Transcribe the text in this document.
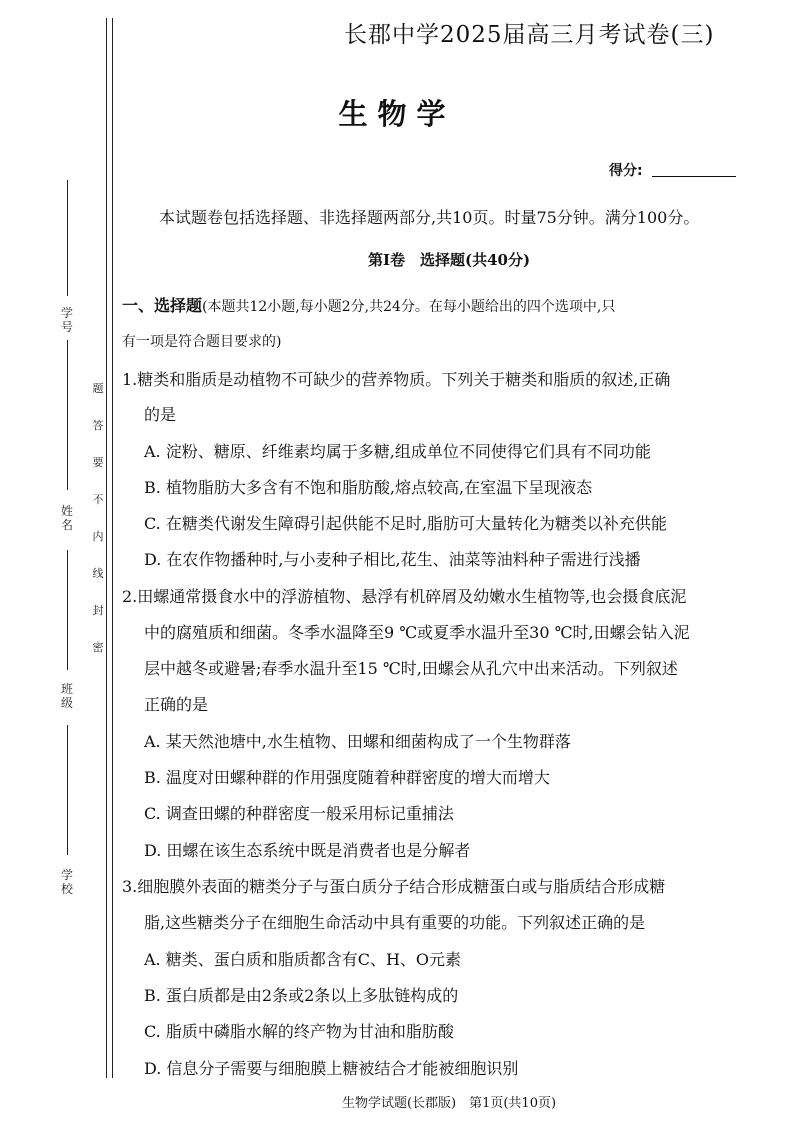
学号
姓名
班级
学校
题
答
要
不
内
线
封
密
长郡中学2025届高三月考试卷(三)
生物学
得分:
本试题卷包括选择题、非选择题两部分,共10页。时量75分钟。满分100分。
第Ⅰ卷　选择题(共40分)
一、选择题(本题共12小题,每小题2分,共24分。在每小题给出的四个选项中,只
有一项是符合题目要求的)
1.糖类和脂质是动植物不可缺少的营养物质。下列关于糖类和脂质的叙述,正确
的是
A. 淀粉、糖原、纤维素均属于多糖,组成单位不同使得它们具有不同功能
B. 植物脂肪大多含有不饱和脂肪酸,熔点较高,在室温下呈现液态
C. 在糖类代谢发生障碍引起供能不足时,脂肪可大量转化为糖类以补充供能
D. 在农作物播种时,与小麦种子相比,花生、油菜等油料种子需进行浅播
2.田螺通常摄食水中的浮游植物、悬浮有机碎屑及幼嫩水生植物等,也会摄食底泥
中的腐殖质和细菌。冬季水温降至9 ℃或夏季水温升至30 ℃时,田螺会钻入泥
层中越冬或避暑;春季水温升至15 ℃时,田螺会从孔穴中出来活动。下列叙述
正确的是
A. 某天然池塘中,水生植物、田螺和细菌构成了一个生物群落
B. 温度对田螺种群的作用强度随着种群密度的增大而增大
C. 调查田螺的种群密度一般采用标记重捕法
D. 田螺在该生态系统中既是消费者也是分解者
3.细胞膜外表面的糖类分子与蛋白质分子结合形成糖蛋白或与脂质结合形成糖
脂,这些糖类分子在细胞生命活动中具有重要的功能。下列叙述正确的是
A. 糖类、蛋白质和脂质都含有C、H、O元素
B. 蛋白质都是由2条或2条以上多肽链构成的
C. 脂质中磷脂水解的终产物为甘油和脂肪酸
D. 信息分子需要与细胞膜上糖被结合才能被细胞识别
生物学试题(长郡版)　第1页(共10页)
